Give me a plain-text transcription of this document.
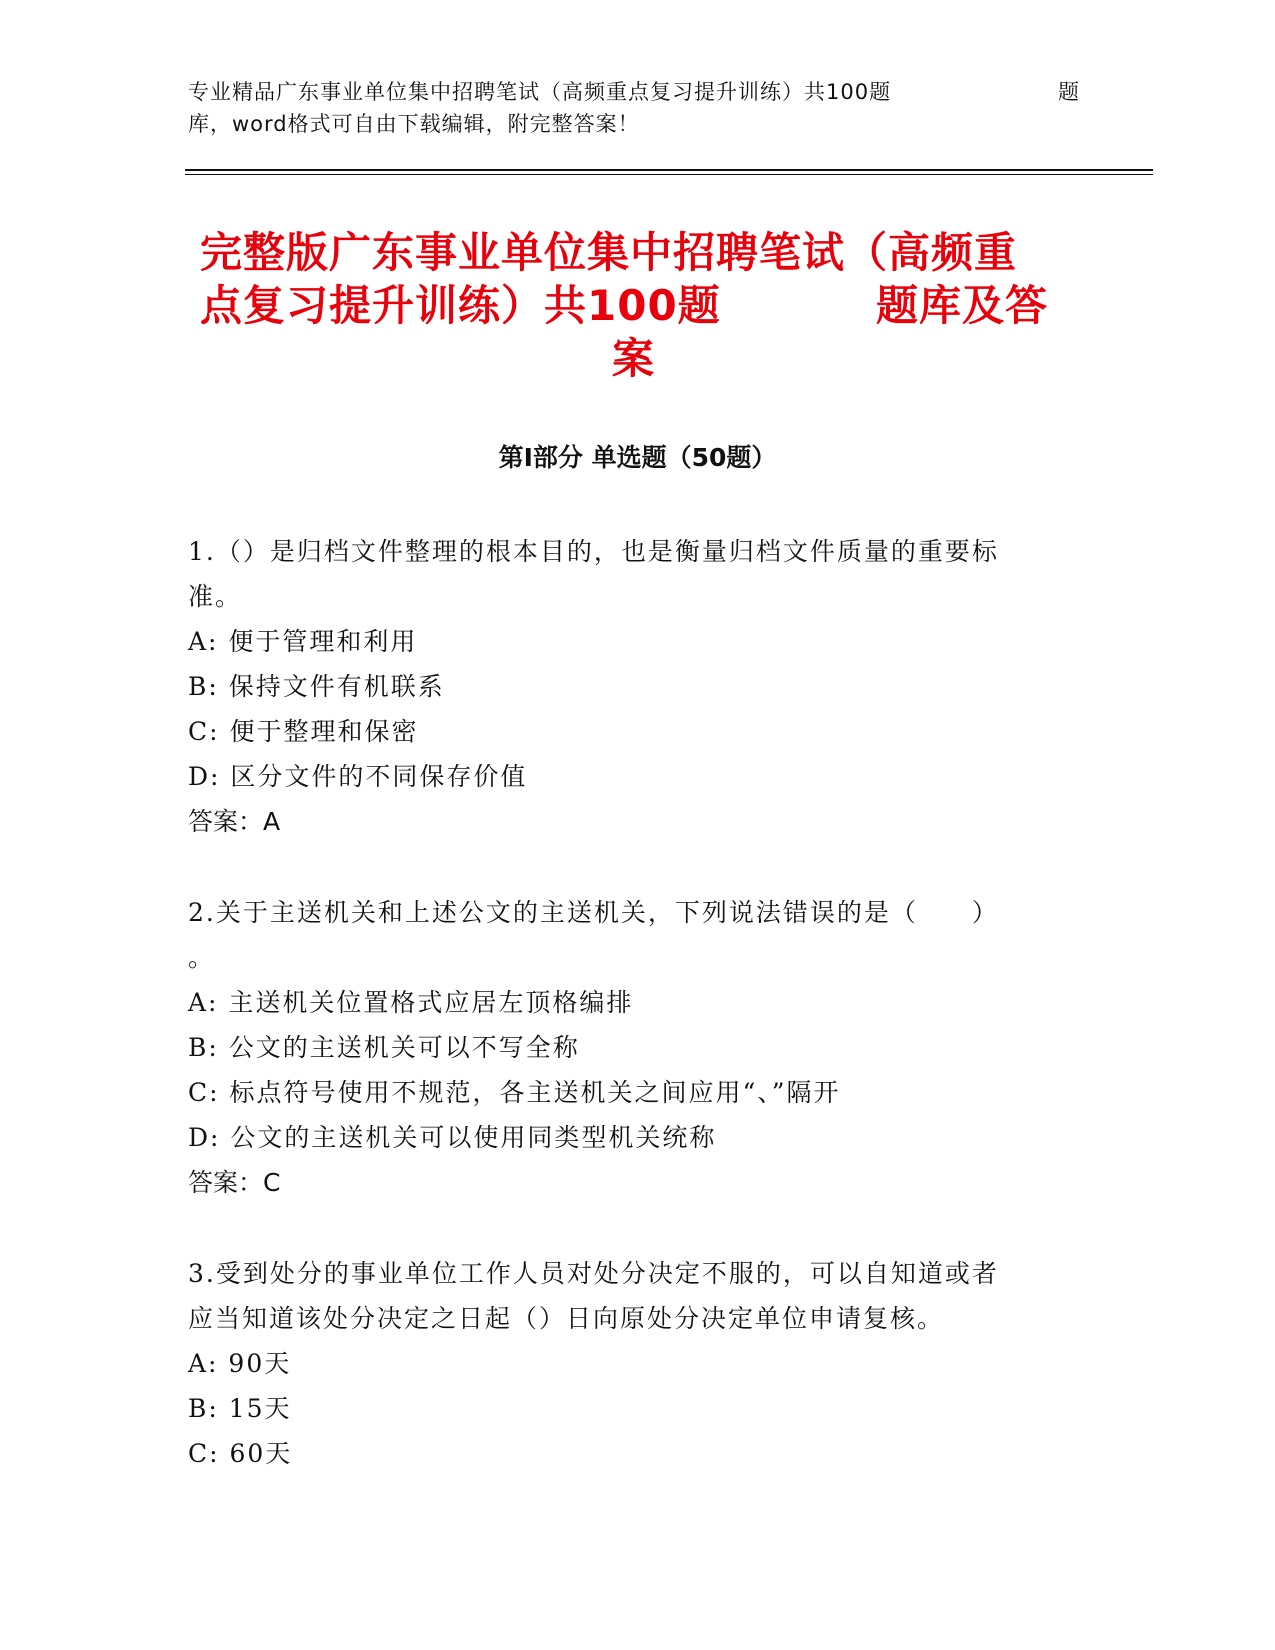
专业精品广东事业单位集中招聘笔试（高频重点复习提升训练）共100题	题
库，word格式可自由下载编辑，附完整答案！
完整版广东事业单位集中招聘笔试（高频重
点复习提升训练）共100题	题库及答
案
第Ⅰ部分 单选题（50题）
1.（）是归档文件整理的根本目的，也是衡量归档文件质量的重要标
准。
A: 便于管理和利用
B: 保持文件有机联系
C: 便于整理和保密
D: 区分文件的不同保存价值
答案：A
2.关于主送机关和上述公文的主送机关，下列说法错误的是（　　）
。
A: 主送机关位置格式应居左顶格编排
B: 公文的主送机关可以不写全称
C: 标点符号使用不规范，各主送机关之间应用“、”隔开
D: 公文的主送机关可以使用同类型机关统称
答案：C
3.受到处分的事业单位工作人员对处分决定不服的，可以自知道或者
应当知道该处分决定之日起（）日向原处分决定单位申请复核。
A: 90天
B: 15天
C: 60天
